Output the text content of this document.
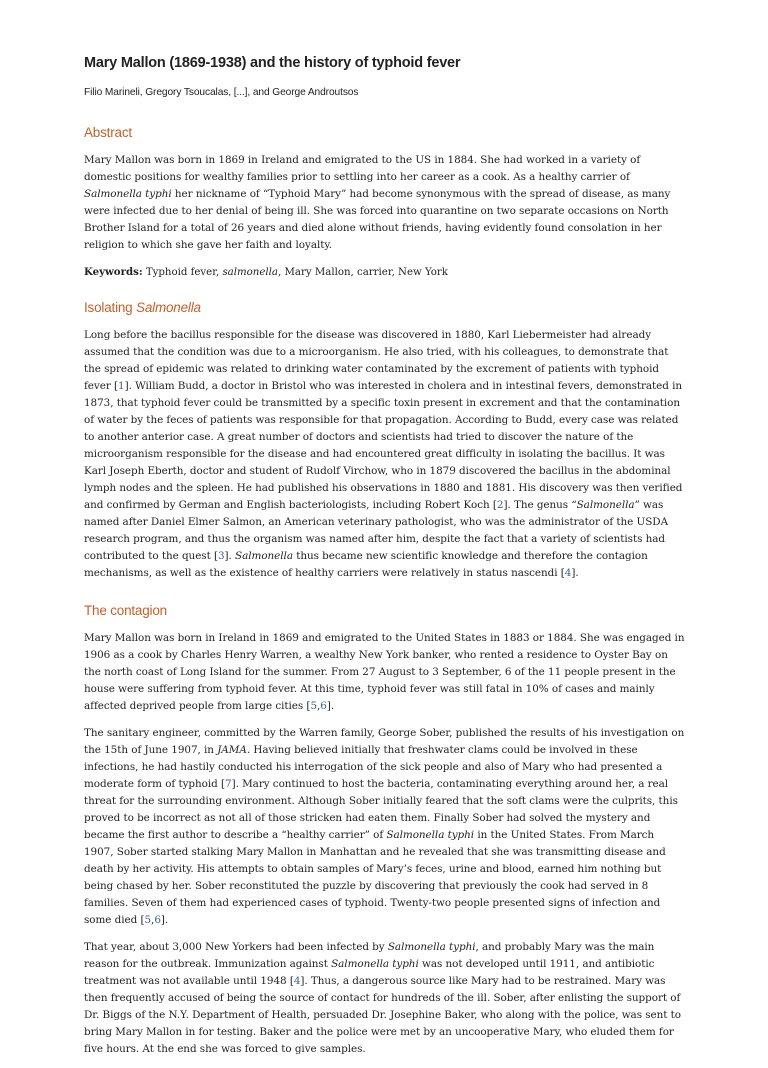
Mary Mallon (1869-1938) and the history of typhoid fever
Filio Marineli, Gregory Tsoucalas, [...], and George Androutsos
Abstract

Mary Mallon was born in 1869 in Ireland and emigrated to the US in 1884. She had worked in a variety of domestic positions for wealthy families prior to settling into her career as a cook. As a healthy carrier of Salmonella typhi her nickname of “Typhoid Mary” had become synonymous with the spread of disease, as many were infected due to her denial of being ill. She was forced into quarantine on two separate occasions on North Brother Island for a total of 26 years and died alone without friends, having evidently found consolation in her religion to which she gave her faith and loyalty.

Keywords: Typhoid fever, salmonella, Mary Mallon, carrier, New York

Isolating Salmonella

Long before the bacillus responsible for the disease was discovered in 1880, Karl Liebermeister had already assumed that the condition was due to a microorganism. He also tried, with his colleagues, to demonstrate that the spread of epidemic was related to drinking water contaminated by the excrement of patients with typhoid fever [1]. William Budd, a doctor in Bristol who was interested in cholera and in intestinal fevers, demonstrated in 1873, that typhoid fever could be transmitted by a specific toxin present in excrement and that the contamination of water by the feces of patients was responsible for that propagation. According to Budd, every case was related to another anterior case. A great number of doctors and scientists had tried to discover the nature of the microorganism responsible for the disease and had encountered great difficulty in isolating the bacillus. It was Karl Joseph Eberth, doctor and student of Rudolf Virchow, who in 1879 discovered the bacillus in the abdominal lymph nodes and the spleen. He had published his observations in 1880 and 1881. His discovery was then verified and confirmed by German and English bacteriologists, including Robert Koch [2]. The genus “Salmonella” was named after Daniel Elmer Salmon, an American veterinary pathologist, who was the administrator of the USDA research program, and thus the organism was named after him, despite the fact that a variety of scientists had contributed to the quest [3]. Salmonella thus became new scientific knowledge and therefore the contagion mechanisms, as well as the existence of healthy carriers were relatively in status nascendi [4].

The contagion

Mary Mallon was born in Ireland in 1869 and emigrated to the United States in 1883 or 1884. She was engaged in 1906 as a cook by Charles Henry Warren, a wealthy New York banker, who rented a residence to Oyster Bay on the north coast of Long Island for the summer. From 27 August to 3 September, 6 of the 11 people present in the house were suffering from typhoid fever. At this time, typhoid fever was still fatal in 10% of cases and mainly affected deprived people from large cities [5,6].

The sanitary engineer, committed by the Warren family, George Sober, published the results of his investigation on the 15th of June 1907, in JAMA. Having believed initially that freshwater clams could be involved in these infections, he had hastily conducted his interrogation of the sick people and also of Mary who had presented a moderate form of typhoid [7]. Mary continued to host the bacteria, contaminating everything around her, a real threat for the surrounding environment. Although Sober initially feared that the soft clams were the culprits, this proved to be incorrect as not all of those stricken had eaten them. Finally Sober had solved the mystery and became the first author to describe a “healthy carrier” of Salmonella typhi in the United States. From March 1907, Sober started stalking Mary Mallon in Manhattan and he revealed that she was transmitting disease and death by her activity. His attempts to obtain samples of Mary’s feces, urine and blood, earned him nothing but being chased by her. Sober reconstituted the puzzle by discovering that previously the cook had served in 8 families. Seven of them had experienced cases of typhoid. Twenty-two people presented signs of infection and some died [5,6].

That year, about 3,000 New Yorkers had been infected by Salmonella typhi, and probably Mary was the main reason for the outbreak. Immunization against Salmonella typhi was not developed until 1911, and antibiotic treatment was not available until 1948 [4]. Thus, a dangerous source like Mary had to be restrained. Mary was then frequently accused of being the source of contact for hundreds of the ill. Sober, after enlisting the support of Dr. Biggs of the N.Y. Department of Health, persuaded Dr. Josephine Baker, who along with the police, was sent to bring Mary Mallon in for testing. Baker and the police were met by an uncooperative Mary, who eluded them for five hours. At the end she was forced to give samples.
